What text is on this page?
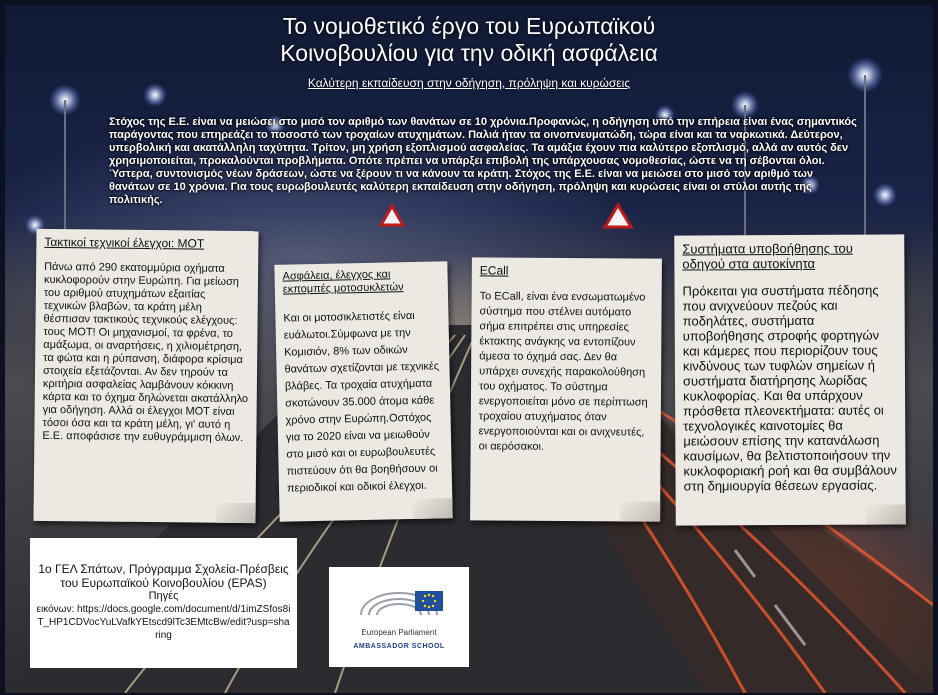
Το νομοθετικό έργο του Ευρωπαϊκού
Κοινοβουλίου για την οδική ασφάλεια
Καλύτερη εκπαίδευση στην οδήγηση, πρόληψη και κυρώσεις
Στόχος της Ε.Ε. είναι να μειώσει στο μισό τον αριθμό των θανάτων σε 10 χρόνια.Προφανώς, η οδήγηση υπό την επήρεια είναι ένας σημαντικός παράγοντας που επηρεάζει το ποσοστό των τροχαίων ατυχημάτων. Παλιά ήταν τα οινοπνευματώδη, τώρα είναι και τα ναρκωτικά. Δεύτερον, υπερβολική και ακατάλληλη ταχύτητα. Τρίτον, μη χρήση εξοπλισμού ασφαλείας. Τα αμάξια έχουν πια καλύτερο εξοπλισμό, αλλά αν αυτός δεν χρησιμοποιείται, προκαλούνται προβλήματα. Οπότε πρέπει να υπάρξει επιβολή της υπάρχουσας νομοθεσίας, ώστε να τη σέβονται όλοι. Ύστερα, συντονισμός νέων δράσεων, ώστε να ξέρουν τι να κάνουν τα κράτη. Στόχος της Ε.Ε. είναι να μειώσει στο μισό τον αριθμό των θανάτων σε 10 χρόνια. Για τους ευρωβουλευτές καλύτερη εκπαίδευση στην οδήγηση, πρόληψη και κυρώσεις είναι οι στύλοι αυτής της πολιτικής.
Τακτικοί τεχνικοί έλεγχοι: ΜΟΤ

Πάνω από 290 εκατομμύρια οχήματα κυκλοφορούν στην Ευρώπη. Για μείωση του αριθμού ατυχημάτων εξαιτίας τεχνικών βλαβών, τα κράτη μέλη θέσπισαν τακτικούς τεχνικούς ελέγχους: τους ΜΟΤ! Οι μηχανισμοί, τα φρένα, το αμάξωμα, οι αναρτήσεις, η χιλιομέτρηση, τα φώτα και η ρύπανση, διάφορα κρίσιμα στοιχεία εξετάζονται. Αν δεν τηρούν τα κριτήρια ασφαλείας λαμβάνουν κόκκινη κάρτα και το όχημα δηλώνεται ακατάλληλο για οδήγηση. Αλλά οι έλεγχοι ΜΟΤ είναι τόσοι όσα και τα κράτη μέλη, γι' αυτό η Ε.Ε. αποφάσισε την ευθυγράμμιση όλων.

Ασφάλεια, έλεγχος και εκπομπές μοτοσυκλετών

Και οι μοτοσικλετιστές είναι ευάλωτοι.Σύμφωνα με την Κομισιόν, 8% των οδικών θανάτων σχετίζονται με τεχνικές βλάβες. Τα τροχαία ατυχήματα σκοτώνουν 35.000 άτομα κάθε χρόνο στην Ευρώπη.Οστόχος για το 2020 είναι να μειωθούν στο μισό και οι ευρωβουλευτές πιστεύουν ότι θα βοηθήσουν οι περιοδικοί και οδικοί έλεγχοι.

ECall

Το ECall, είναι ένα ενσωματωμένο σύστημα που στέλνει αυτόματο σήμα επιτρέπει στις υπηρεσίες έκτακτης ανάγκης να εντοπίζουν άμεσα το όχημά σας. Δεν θα υπάρχει συνεχής παρακολούθηση του οχήματος. Το σύστημα ενεργοποιείται μόνο σε περίπτωση τροχαίου ατυχήματος όταν ενεργοποιούνται και οι ανιχνευτές, οι αερόσακοι.

Συστήματα υποβοήθησης του οδηγού στα αυτοκίνητα

Πρόκειται για συστήματα πέδησης που ανιχνεύουν πεζούς και ποδηλάτες, συστήματα υποβοήθησης στροφής φορτηγών και κάμερες που περιορίζουν τους κινδύνους των τυφλών σημείων ή συστήματα διατήρησης λωρίδας κυκλοφορίας. Και θα υπάρχουν πρόσθετα πλεονεκτήματα: αυτές οι τεχνολογικές καινοτομίες θα μειώσουν επίσης την κατανάλωση καυσίμων, θα βελτιστοποιήσουν την κυκλοφοριακή ροή και θα συμβάλουν στη δημιουργία θέσεων εργασίας.

1ο ΓΕΛ Σπάτων, Πρόγραμμα Σχολεία-Πρέσβεις του Ευρωπαϊκού Κοινοβουλίου (EPAS)
Πηγές
εικόνων: https://docs.google.com/document/d/1imZSfos8iT_HP1CDVocYuLVafkYEtscd9lTc3EMtcBw/edit?usp=sharing	European Parliament
AMBASSADOR SCHOOL
